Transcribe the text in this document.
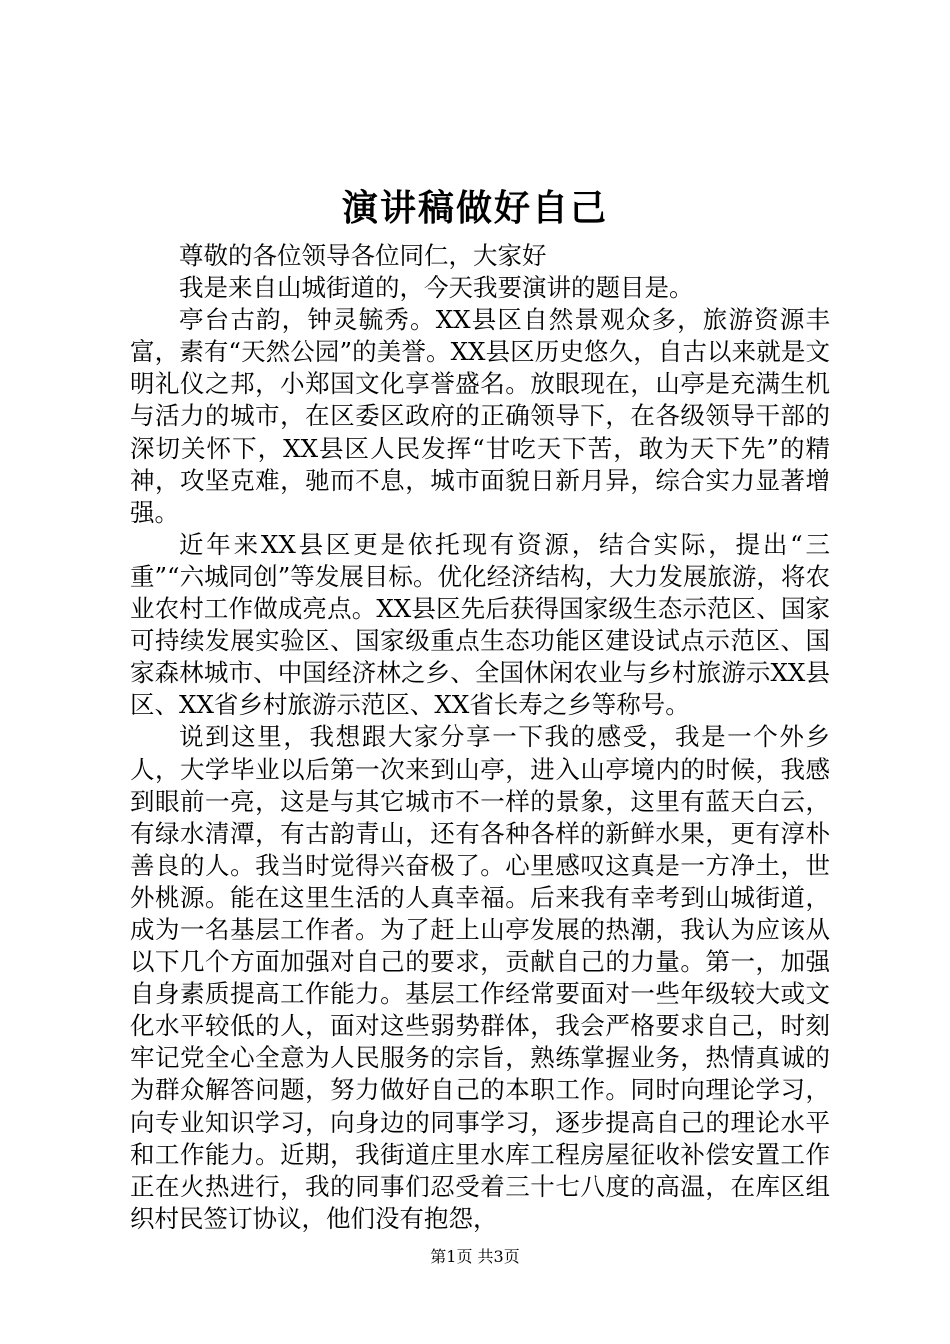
演讲稿做好自己

尊敬的各位领导各位同仁，大家好

我是来自山城街道的，今天我要演讲的题目是。

亭台古韵，钟灵毓秀。XX县区自然景观众多，旅游资源丰富，素有“天然公园”的美誉。XX县区历史悠久，自古以来就是文明礼仪之邦，小郑国文化享誉盛名。放眼现在，山亭是充满生机与活力的城市，在区委区政府的正确领导下，在各级领导干部的深切关怀下，XX县区人民发挥“甘吃天下苦，敢为天下先”的精神，攻坚克难，驰而不息，城市面貌日新月异，综合实力显著增强。

近年来XX县区更是依托现有资源，结合实际，提出“三重”“六城同创”等发展目标。优化经济结构，大力发展旅游，将农业农村工作做成亮点。XX县区先后获得国家级生态示范区、国家可持续发展实验区、国家级重点生态功能区建设试点示范区、国家森林城市、中国经济林之乡、全国休闲农业与乡村旅游示XX县区、XX省乡村旅游示范区、XX省长寿之乡等称号。

说到这里，我想跟大家分享一下我的感受，我是一个外乡人，大学毕业以后第一次来到山亭，进入山亭境内的时候，我感到眼前一亮，这是与其它城市不一样的景象，这里有蓝天白云，有绿水清潭，有古韵青山，还有各种各样的新鲜水果，更有淳朴善良的人。我当时觉得兴奋极了。心里感叹这真是一方净土，世外桃源。能在这里生活的人真幸福。后来我有幸考到山城街道，成为一名基层工作者。为了赶上山亭发展的热潮，我认为应该从以下几个方面加强对自己的要求，贡献自己的力量。第一，加强自身素质提高工作能力。基层工作经常要面对一些年级较大或文化水平较低的人，面对这些弱势群体，我会严格要求自己，时刻牢记党全心全意为人民服务的宗旨，熟练掌握业务，热情真诚的为群众解答问题，努力做好自己的本职工作。同时向理论学习，向专业知识学习，向身边的同事学习，逐步提高自己的理论水平和工作能力。近期，我街道庄里水库工程房屋征收补偿安置工作正在火热进行，我的同事们忍受着三十七八度的高温，在库区组织村民签订协议，他们没有抱怨，

第1页 共3页
